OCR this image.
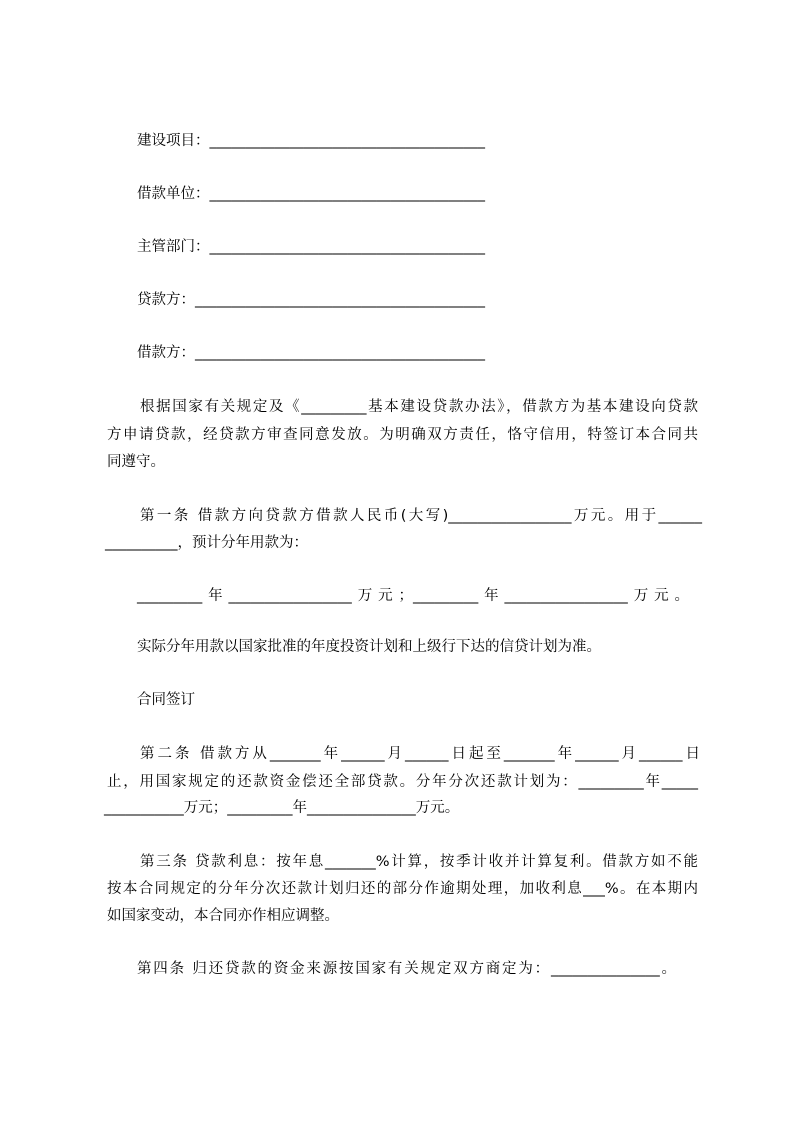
建设项目：______________________________________
借款单位：______________________________________
主管部门：______________________________________
贷款方：________________________________________
借款方：________________________________________
根据国家有关规定及《_________基本建设贷款办法》，借款方为基本建设向贷款
方申请贷款，经贷款方审查同意发放。为明确双方责任，恪守信用，特签订本合同共
同遵守。
第一条 借款方向贷款方借款人民币(大写)_________________万元。用于______
__________，预计分年用款为：
_________年_________________万元；_________年_________________万元。
实际分年用款以国家批准的年度投资计划和上级行下达的信贷计划为准。
合同签订
第二条 借款方从_______年______月______日起至_______年______月______日
止，用国家规定的还款资金偿还全部贷款。分年分次还款计划为：_________年_____
___________万元；_________年_______________万元。
第三条 贷款利息：按年息_______%计算，按季计收并计算复利。借款方如不能
按本合同规定的分年分次还款计划归还的部分作逾期处理，加收利息___%。在本期内
如国家变动，本合同亦作相应调整。
第四条 归还贷款的资金来源按国家有关规定双方商定为：_______________。
